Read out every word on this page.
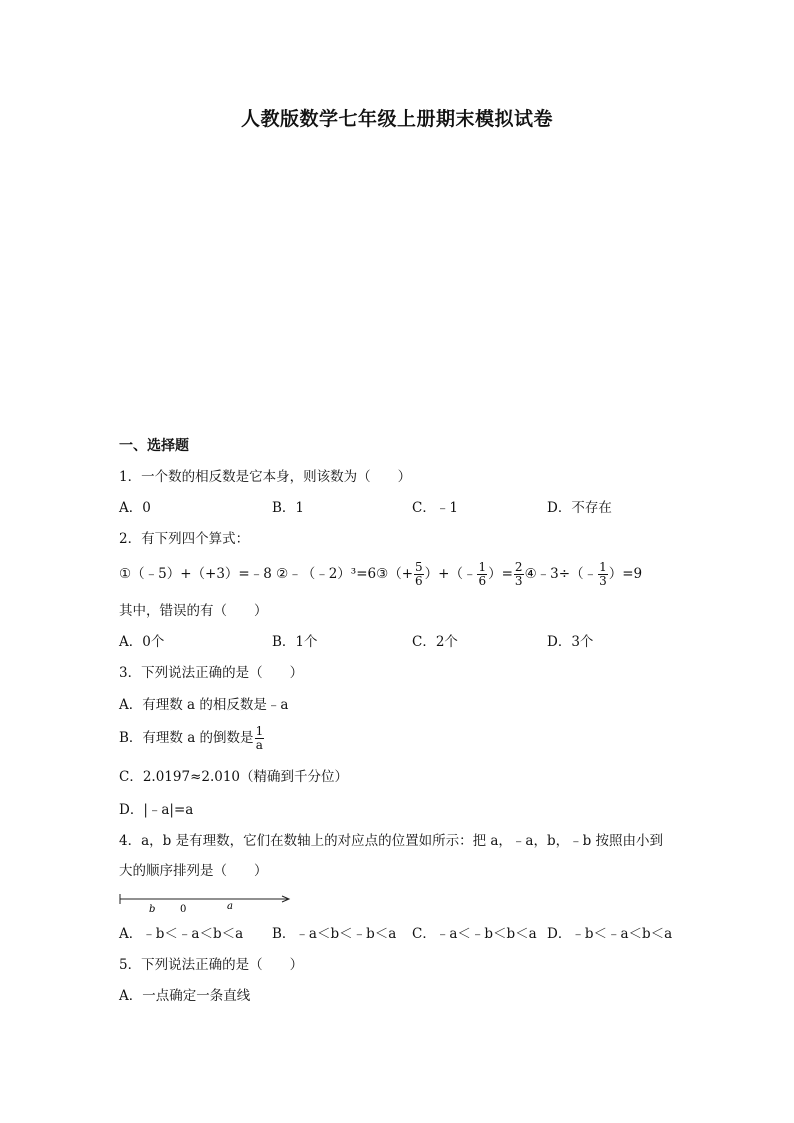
人教版数学七年级上册期末模拟试卷
一、选择题
1．一个数的相反数是它本身，则该数为（　　）
A．0	B．1	C．﹣1	D．不存在
2．有下列四个算式：
①（﹣5）+（+3）=﹣8 ②﹣（﹣2）³=6③（+ $\frac{5}{6}$ ）+（﹣ $\frac{1}{6}$ ）= $\frac{2}{3}$ ④﹣3÷（﹣ $\frac{1}{3} )=9$
其中，错误的有（　　）
A．0个	B．1个	C．2个	D．3个
3．下列说法正确的是（　　）
A．有理数 a 的相反数是﹣a
B．有理数 a 的倒数是 $\frac{1}{a}$
C．2.0197≈2.010（精确到千分位）
D．|﹣a|=a
4．a，b 是有理数，它们在数轴上的对应点的位置如所示：把 a，﹣a，b，﹣b 按照由小到
大的顺序排列是（　　）
b 0	a
A．﹣b＜﹣a＜b＜a B．﹣a＜b＜﹣b＜a C．﹣a＜﹣b＜b＜a D．﹣b＜﹣a＜b＜a
5．下列说法正确的是（　　）
A．一点确定一条直线
